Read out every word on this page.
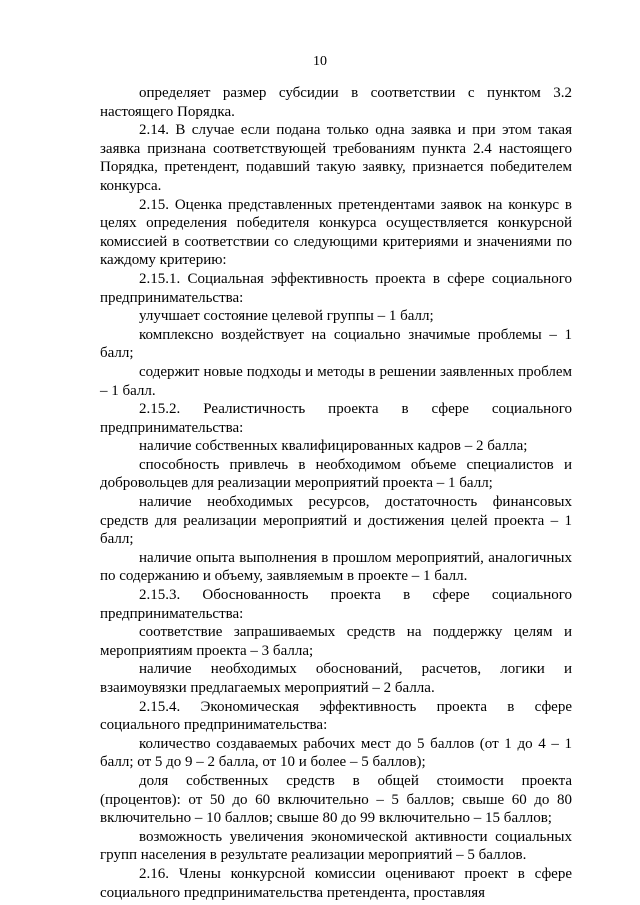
10

определяет размер субсидии в соответствии с пунктом 3.2 настоящего Порядка.

2.14. В случае если подана только одна заявка и при этом такая заявка признана соответствующей требованиям пункта 2.4 настоящего Порядка, претендент, подавший такую заявку, признается победителем конкурса.

2.15. Оценка представленных претендентами заявок на конкурс в целях определения победителя конкурса осуществляется конкурсной комиссией в соответствии со следующими критериями и значениями по каждому критерию:

2.15.1. Социальная эффективность проекта в сфере социального предпринимательства:

улучшает состояние целевой группы – 1 балл;

комплексно воздействует на социально значимые проблемы – 1 балл;

содержит новые подходы и методы в решении заявленных проблем – 1 балл.

2.15.2. Реалистичность проекта в сфере социального предпринимательства:

наличие собственных квалифицированных кадров – 2 балла;

способность привлечь в необходимом объеме специалистов и добровольцев для реализации мероприятий проекта – 1 балл;

наличие необходимых ресурсов, достаточность финансовых средств для реализации мероприятий и достижения целей проекта – 1 балл;

наличие опыта выполнения в прошлом мероприятий, аналогичных по содержанию и объему, заявляемым в проекте – 1 балл.

2.15.3. Обоснованность проекта в сфере социального предпринимательства:

соответствие запрашиваемых средств на поддержку целям и мероприятиям проекта – 3 балла;

наличие необходимых обоснований, расчетов, логики и взаимоувязки предлагаемых мероприятий – 2 балла.

2.15.4. Экономическая эффективность проекта в сфере социального предпринимательства:

количество создаваемых рабочих мест до 5 баллов (от 1 до 4 – 1 балл; от 5 до 9 – 2 балла, от 10 и более – 5 баллов);

доля собственных средств в общей стоимости проекта (процентов): от 50 до 60 включительно – 5 баллов; свыше 60 до 80 включительно – 10 баллов; свыше 80 до 99 включительно – 15 баллов;

возможность увеличения экономической активности социальных групп населения в результате реализации мероприятий – 5 баллов.

2.16. Члены конкурсной комиссии оценивают проект в сфере социального предпринимательства претендента, проставляя
